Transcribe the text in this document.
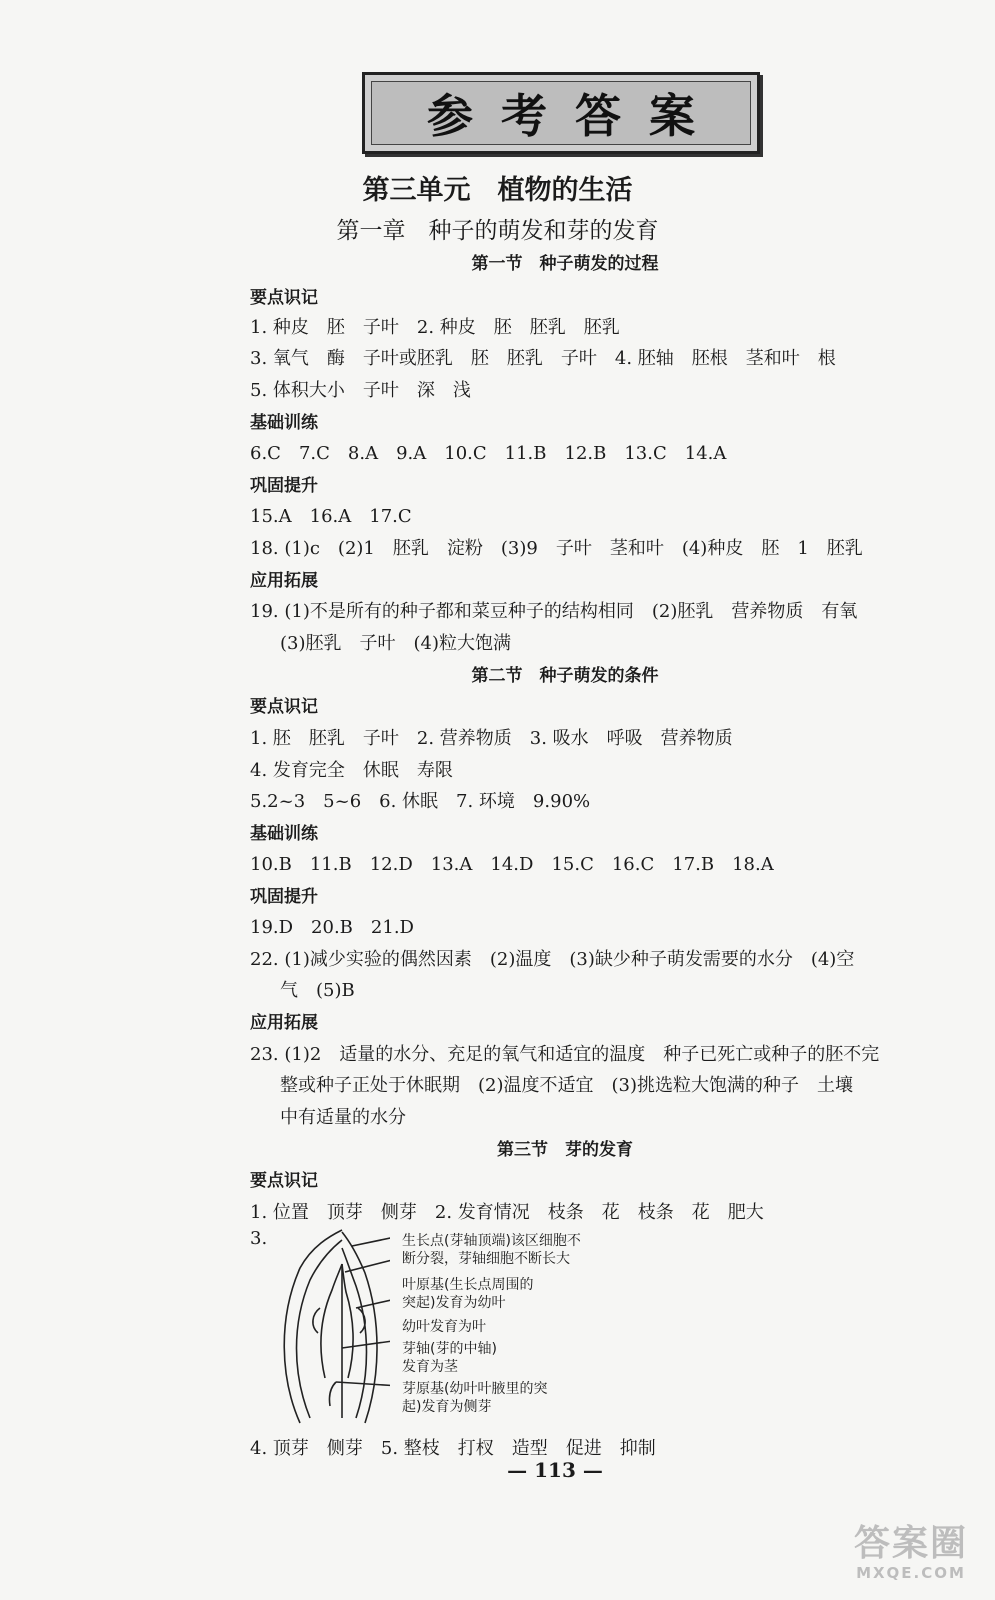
参考答案
第三单元　植物的生活
第一章　种子的萌发和芽的发育
第一节　种子萌发的过程
要点识记
1. 种皮　胚　子叶　2. 种皮　胚　胚乳　胚乳
3. 氧气　酶　子叶或胚乳　胚　胚乳　子叶　4. 胚轴　胚根　茎和叶　根
5. 体积大小　子叶　深　浅
基础训练
6.C　7.C　8.A　9.A　10.C　11.B　12.B　13.C　14.A
巩固提升
15.A　16.A　17.C
18. (1)c　(2)1　胚乳　淀粉　(3)9　子叶　茎和叶　(4)种皮　胚　1　胚乳
应用拓展
19. (1)不是所有的种子都和菜豆种子的结构相同　(2)胚乳　营养物质　有氧
(3)胚乳　子叶　(4)粒大饱满
第二节　种子萌发的条件
要点识记
1. 胚　胚乳　子叶　2. 营养物质　3. 吸水　呼吸　营养物质
4. 发育完全　休眠　寿限
5.2~3　5~6　6. 休眠　7. 环境　9.90%
基础训练
10.B　11.B　12.D　13.A　14.D　15.C　16.C　17.B　18.A
巩固提升
19.D　20.B　21.D
22. (1)减少实验的偶然因素　(2)温度　(3)缺少种子萌发需要的水分　(4)空
气　(5)B
应用拓展
23. (1)2　适量的水分、充足的氧气和适宜的温度　种子已死亡或种子的胚不完
整或种子正处于休眠期　(2)温度不适宜　(3)挑选粒大饱满的种子　土壤
中有适量的水分
第三节　芽的发育
要点识记
1. 位置　顶芽　侧芽　2. 发育情况　枝条　花　枝条　花　肥大
3.	生长点(芽轴顶端)该区细胞不
断分裂，芽轴细胞不断长大
叶原基(生长点周围的
突起)发育为幼叶
幼叶发育为叶
芽轴(芽的中轴)
发育为茎
芽原基(幼叶叶腋里的突
起)发育为侧芽
4. 顶芽　侧芽　5. 整枝　打杈　造型　促进　抑制
— 113 —
答案圈
MXQE.COM
